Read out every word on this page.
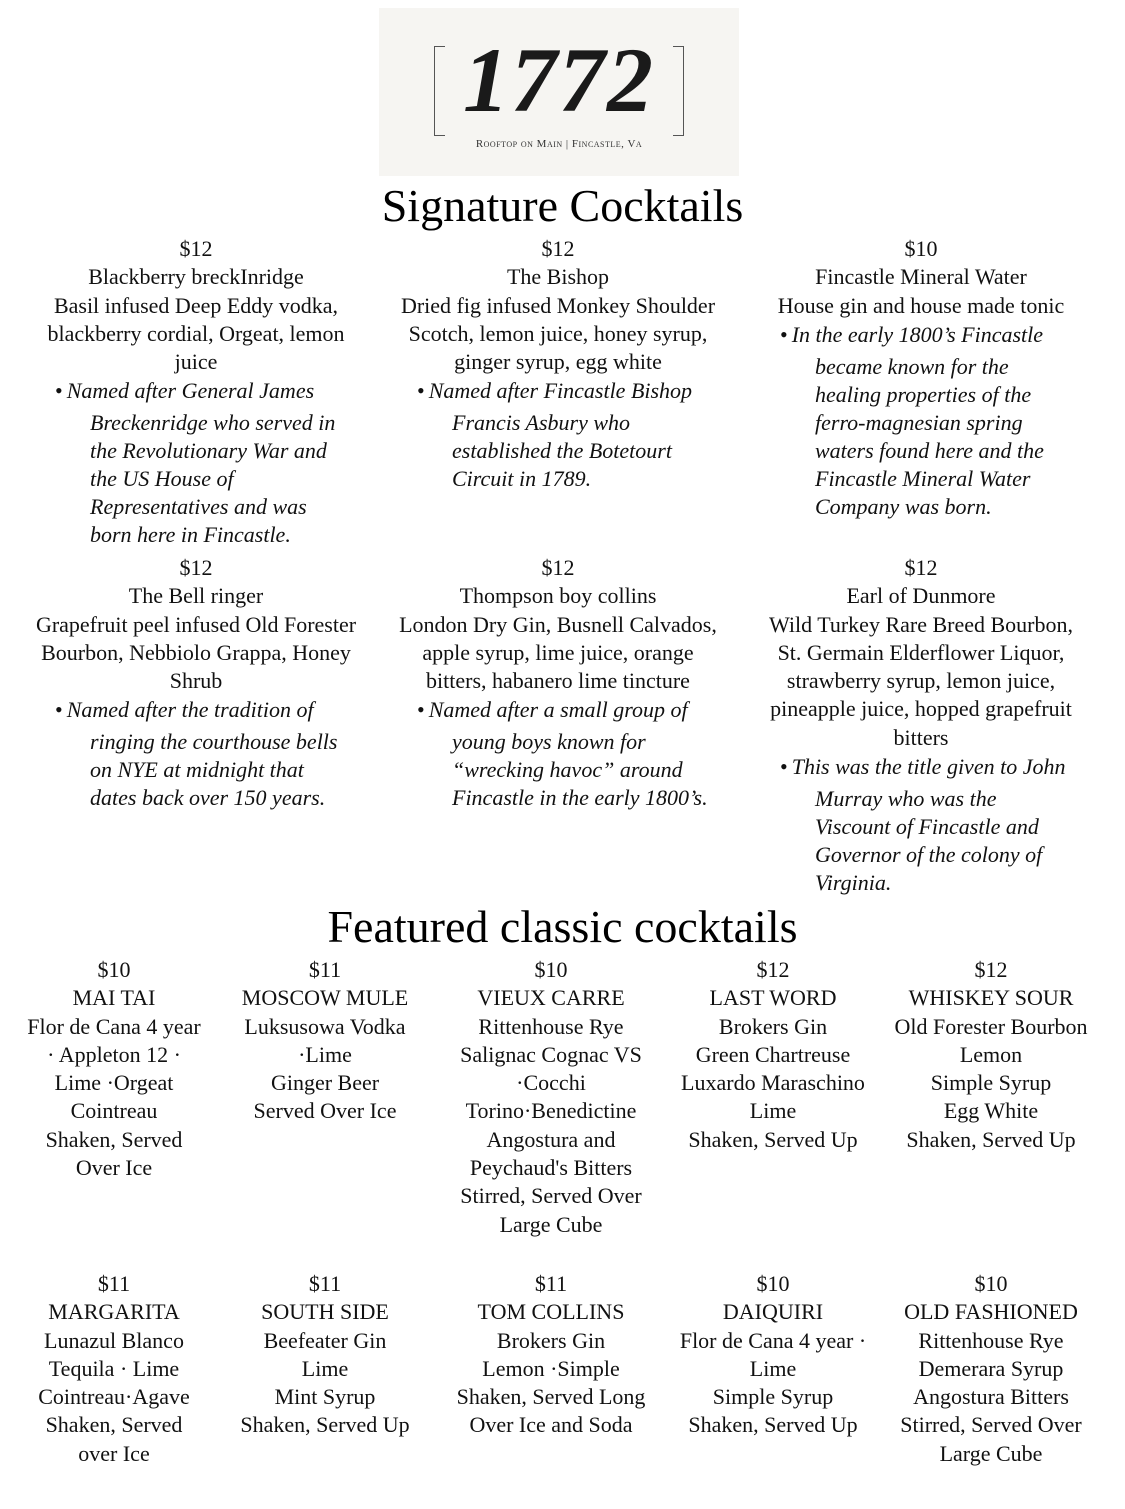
1772
Rooftop on Main | Fincastle, Va
Signature Cocktails
$12
Blackberry breckInridge
Basil infused Deep Eddy vodka,
blackberry cordial, Orgeat, lemon
juice
• Named after General James
Breckenridge who served in
the Revolutionary War and
the US House of
Representatives and was
born here in Fincastle.
$12
The Bishop
Dried fig infused Monkey Shoulder
Scotch, lemon juice, honey syrup,
ginger syrup, egg white
• Named after Fincastle Bishop
Francis Asbury who
established the Botetourt
Circuit in 1789.
$10
Fincastle Mineral Water
House gin and house made tonic
• In the early 1800’s Fincastle
became known for the
healing properties of the
ferro-magnesian spring
waters found here and the
Fincastle Mineral Water
Company was born.
$12
The Bell ringer
Grapefruit peel infused Old Forester
Bourbon, Nebbiolo Grappa, Honey
Shrub
• Named after the tradition of
ringing the courthouse bells
on NYE at midnight that
dates back over 150 years.
$12
Thompson boy collins
London Dry Gin, Busnell Calvados,
apple syrup, lime juice, orange
bitters, habanero lime tincture
• Named after a small group of
young boys known for
“wrecking havoc” around
Fincastle in the early 1800’s.
$12
Earl of Dunmore
Wild Turkey Rare Breed Bourbon,
St. Germain Elderflower Liquor,
strawberry syrup, lemon juice,
pineapple juice, hopped grapefruit
bitters
• This was the title given to John
Murray who was the
Viscount of Fincastle and
Governor of the colony of
Virginia.
Featured classic cocktails
$10
MAI TAI
Flor de Cana 4 year
· Appleton 12 ·
Lime ·Orgeat
Cointreau
Shaken, Served
Over Ice
$11
MOSCOW MULE
Luksusowa Vodka
·Lime
Ginger Beer
Served Over Ice
$10
VIEUX CARRE
Rittenhouse Rye
Salignac Cognac VS
·Cocchi
Torino·Benedictine
Angostura and
Peychaud's Bitters
Stirred, Served Over
Large Cube
$12
LAST WORD
Brokers Gin
Green Chartreuse
Luxardo Maraschino
Lime
Shaken, Served Up
$12
WHISKEY SOUR
Old Forester Bourbon
Lemon
Simple Syrup
Egg White
Shaken, Served Up
$11
MARGARITA
Lunazul Blanco
Tequila · Lime
Cointreau·Agave
Shaken, Served
over Ice
$11
SOUTH SIDE
Beefeater Gin
Lime
Mint Syrup
Shaken, Served Up
$11
TOM COLLINS
Brokers Gin
Lemon ·Simple
Shaken, Served Long
Over Ice and Soda
$10
DAIQUIRI
Flor de Cana 4 year ·
Lime
Simple Syrup
Shaken, Served Up
$10
OLD FASHIONED
Rittenhouse Rye
Demerara Syrup
Angostura Bitters
Stirred, Served Over
Large Cube
